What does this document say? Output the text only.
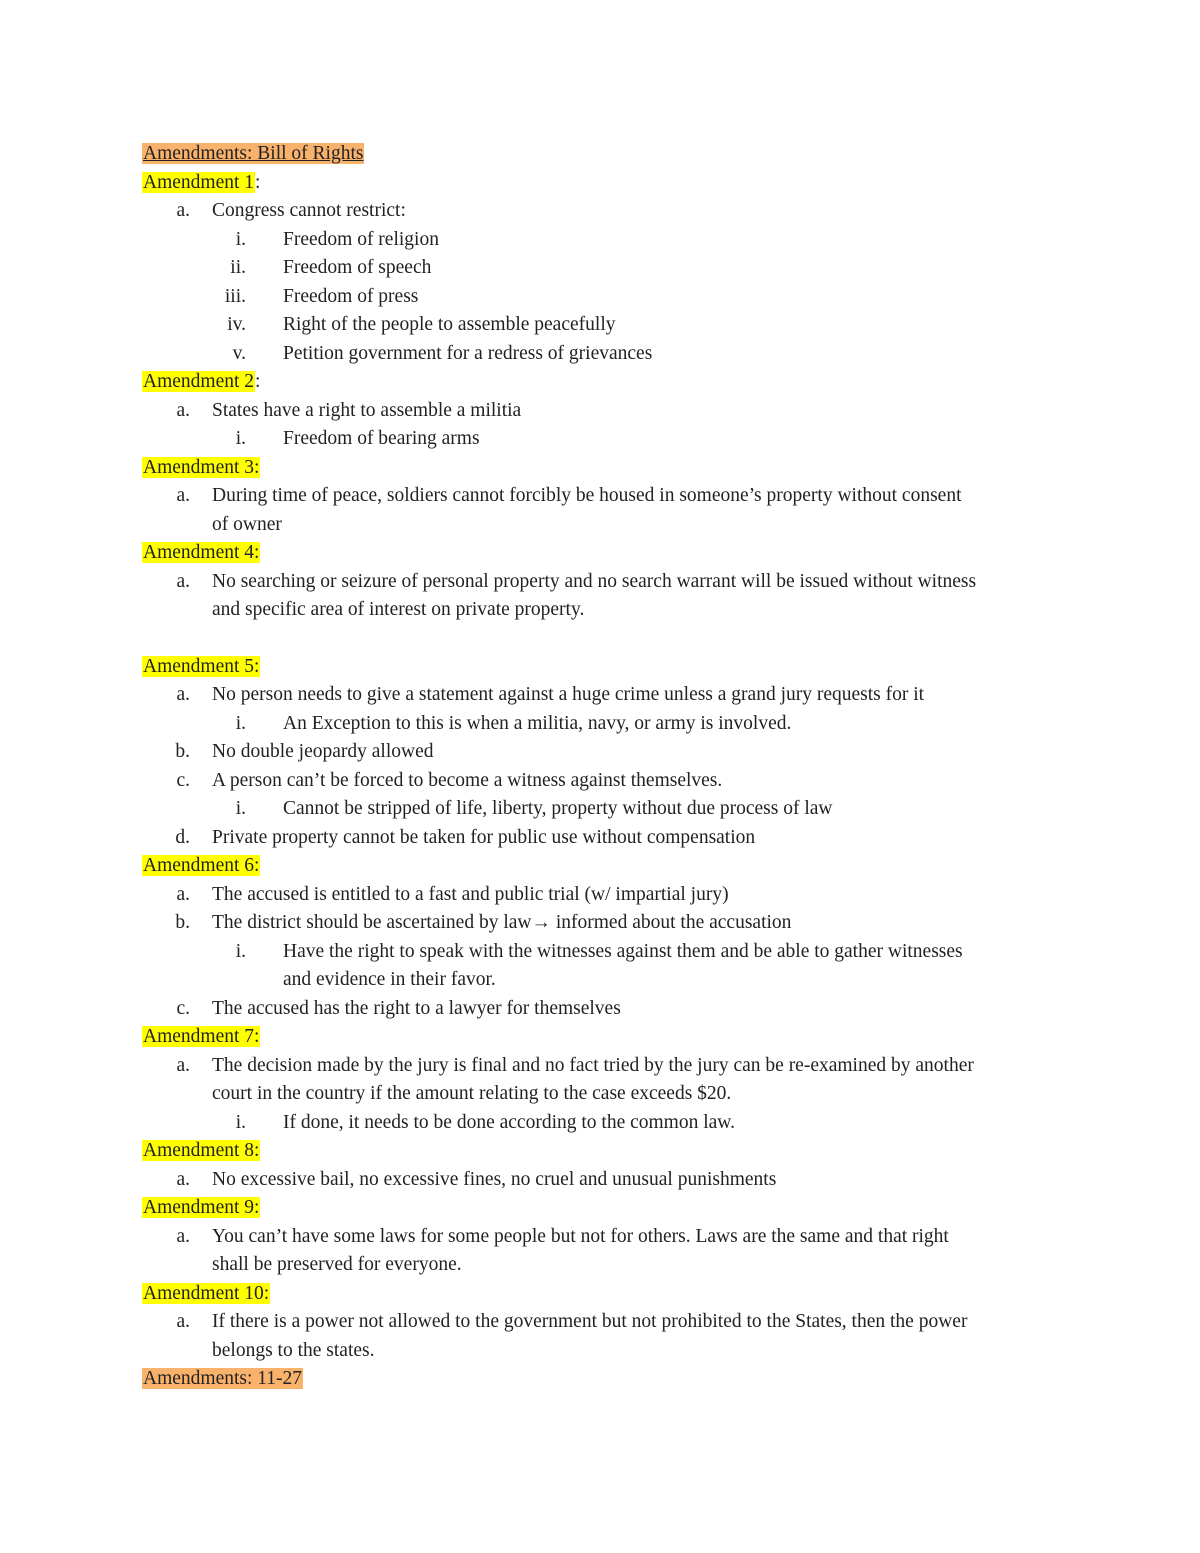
Amendments: Bill of Rights
Amendment 1:
a. Congress cannot restrict:
i. Freedom of religion
ii. Freedom of speech
iii. Freedom of press
iv. Right of the people to assemble peacefully
v. Petition government for a redress of grievances
Amendment 2:
a. States have a right to assemble a militia
i. Freedom of bearing arms
Amendment 3:
a. During time of peace, soldiers cannot forcibly be housed in someone’s property without consent
of owner
Amendment 4:
a. No searching or seizure of personal property and no search warrant will be issued without witness
and specific area of interest on private property.
Amendment 5:
a. No person needs to give a statement against a huge crime unless a grand jury requests for it
i. An Exception to this is when a militia, navy, or army is involved.
b. No double jeopardy allowed
c. A person can’t be forced to become a witness against themselves.
i. Cannot be stripped of life, liberty, property without due process of law
d. Private property cannot be taken for public use without compensation
Amendment 6:
a. The accused is entitled to a fast and public trial (w/ impartial jury)
b. The district should be ascertained by law→ informed about the accusation
i. Have the right to speak with the witnesses against them and be able to gather witnesses
and evidence in their favor.
c. The accused has the right to a lawyer for themselves
Amendment 7:
a. The decision made by the jury is final and no fact tried by the jury can be re-examined by another
court in the country if the amount relating to the case exceeds $20.
i. If done, it needs to be done according to the common law.
Amendment 8:
a. No excessive bail, no excessive fines, no cruel and unusual punishments
Amendment 9:
a. You can’t have some laws for some people but not for others. Laws are the same and that right
shall be preserved for everyone.
Amendment 10:
a. If there is a power not allowed to the government but not prohibited to the States, then the power
belongs to the states.
Amendments: 11-27
